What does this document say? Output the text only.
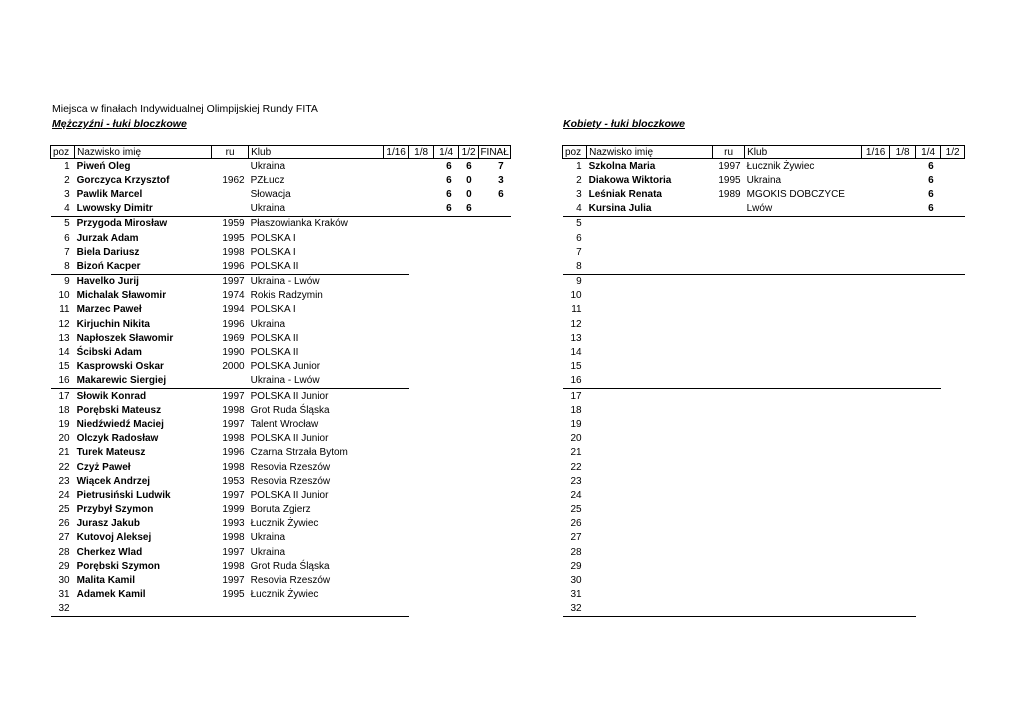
Miejsca w finałach Indywidualnej Olimpijskiej Rundy FITA
Mężczyźni - łuki bloczkowe	Kobiety - łuki bloczkowe
poz	Nazwisko imię	ru	Klub	1/16	1/8	1/4	1/2	FINAŁ
1	Piweń Oleg		Ukraina			6	6	7
2	Gorczyca Krzysztof	1962	PZŁucz			6	0	3
3	Pawlik Marcel		Słowacja			6	0	6
4	Lwowsky Dimitr		Ukraina			6	6	
5	Przygoda Mirosław	1959	Płaszowianka Kraków					
6	Jurzak Adam	1995	POLSKA I					
7	Biela Dariusz	1998	POLSKA I					
8	Bizoń Kacper	1996	POLSKA II					
9	Havelko Jurij	1997	Ukraina - Lwów					
10	Michalak Sławomir	1974	Rokis Radzymin					
11	Marzec Paweł	1994	POLSKA I					
12	Kirjuchin Nikita	1996	Ukraina					
13	Napłoszek Sławomir	1969	POLSKA II					
14	Ścibski Adam	1990	POLSKA II					
15	Kasprowski Oskar	2000	POLSKA Junior					
16	Makarewic Siergiej		Ukraina - Lwów					
17	Słowik Konrad	1997	POLSKA II Junior					
18	Porębski Mateusz	1998	Grot Ruda Śląska					
19	Niedźwiedź Maciej	1997	Talent Wrocław					
20	Olczyk Radosław	1998	POLSKA II Junior					
21	Turek Mateusz	1996	Czarna Strzała Bytom					
22	Czyż Paweł	1998	Resovia Rzeszów					
23	Wiącek Andrzej	1953	Resovia Rzeszów					
24	Pietrusiński Ludwik	1997	POLSKA II Junior					
25	Przybył Szymon	1999	Boruta Zgierz					
26	Jurasz Jakub	1993	Łucznik Żywiec					
27	Kutovoj Aleksej	1998	Ukraina					
28	Cherkez Wlad	1997	Ukraina					
29	Porębski Szymon	1998	Grot Ruda Śląska					
30	Malita Kamil	1997	Resovia Rzeszów					
31	Adamek Kamil	1995	Łucznik Żywiec					
32								
poz	Nazwisko imię	ru	Klub	1/16	1/8	1/4	1/2
1	Szkolna Maria	1997	Łucznik Żywiec			6	
2	Diakowa Wiktoria	1995	Ukraina			6	
3	Leśniak Renata	1989	MGOKIS DOBCZYCE			6	
4	Kursina Julia		Lwów			6	
5							
6							
7							
8							
9							
10							
11							
12							
13							
14							
15							
16							
17							
18							
19							
20							
21							
22							
23							
24							
25							
26							
27							
28							
29							
30							
31							
32							
